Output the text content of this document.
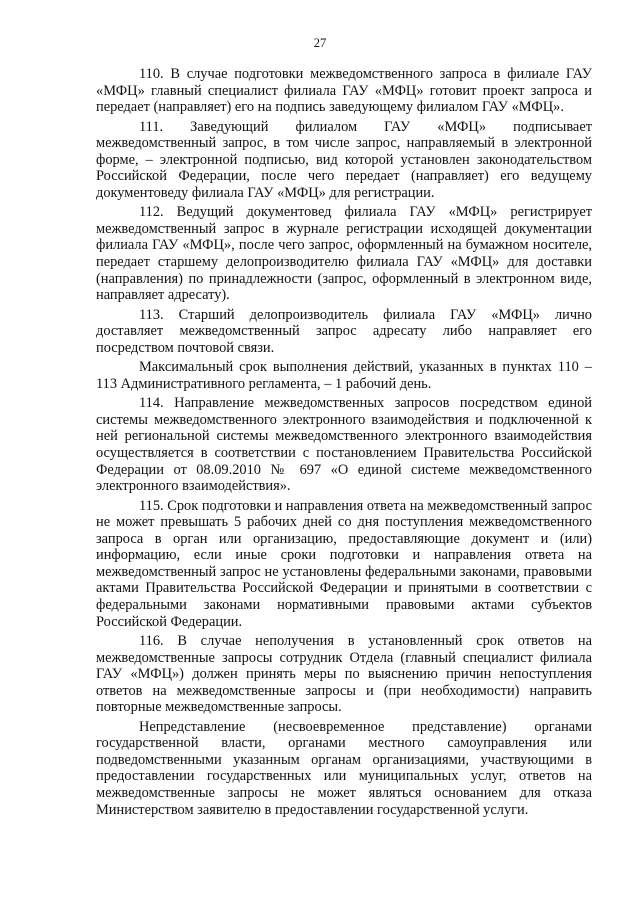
27

110. В случае подготовки межведомственного запроса в филиале ГАУ «МФЦ» главный специалист филиала ГАУ «МФЦ» готовит проект запроса и передает (направляет) его на подпись заведующему филиалом ГАУ «МФЦ».

111. Заведующий филиалом ГАУ «МФЦ» подписывает межведомственный запрос, в том числе запрос, направляемый в электронной форме, – электронной подписью, вид которой установлен законодательством Российской Федерации, после чего передает (направляет) его ведущему документоведу филиала ГАУ «МФЦ» для регистрации.

112. Ведущий документовед филиала ГАУ «МФЦ» регистрирует межведомственный запрос в журнале регистрации исходящей документации филиала ГАУ «МФЦ», после чего запрос, оформленный на бумажном носителе, передает старшему делопроизводителю филиала ГАУ «МФЦ» для доставки (направления) по принадлежности (запрос, оформленный в электронном виде, направляет адресату).

113. Старший делопроизводитель филиала ГАУ «МФЦ» лично доставляет межведомственный запрос адресату либо направляет его посредством почтовой связи.

Максимальный срок выполнения действий, указанных в пунктах 110 – 113 Административного регламента, – 1 рабочий день.

114. Направление межведомственных запросов посредством единой системы межведомственного электронного взаимодействия и подключенной к ней региональной системы межведомственного электронного взаимодействия осуществляется в соответствии с постановлением Правительства Российской Федерации от 08.09.2010 № 697 «О единой системе межведомственного электронного взаимодействия».

115. Срок подготовки и направления ответа на межведомственный запрос не может превышать 5 рабочих дней со дня поступления межведомственного запроса в орган или организацию, предоставляющие документ и (или) информацию, если иные сроки подготовки и направления ответа на межведомственный запрос не установлены федеральными законами, правовыми актами Правительства Российской Федерации и принятыми в соответствии с федеральными законами нормативными правовыми актами субъектов Российской Федерации.

116. В случае неполучения в установленный срок ответов на межведомственные запросы сотрудник Отдела (главный специалист филиала ГАУ «МФЦ») должен принять меры по выяснению причин непоступления ответов на межведомственные запросы и (при необходимости) направить повторные межведомственные запросы.

Непредставление (несвоевременное представление) органами государственной власти, органами местного самоуправления или подведомственными указанным органам организациями, участвующими в предоставлении государственных или муниципальных услуг, ответов на межведомственные запросы не может являться основанием для отказа Министерством заявителю в предоставлении государственной услуги.
